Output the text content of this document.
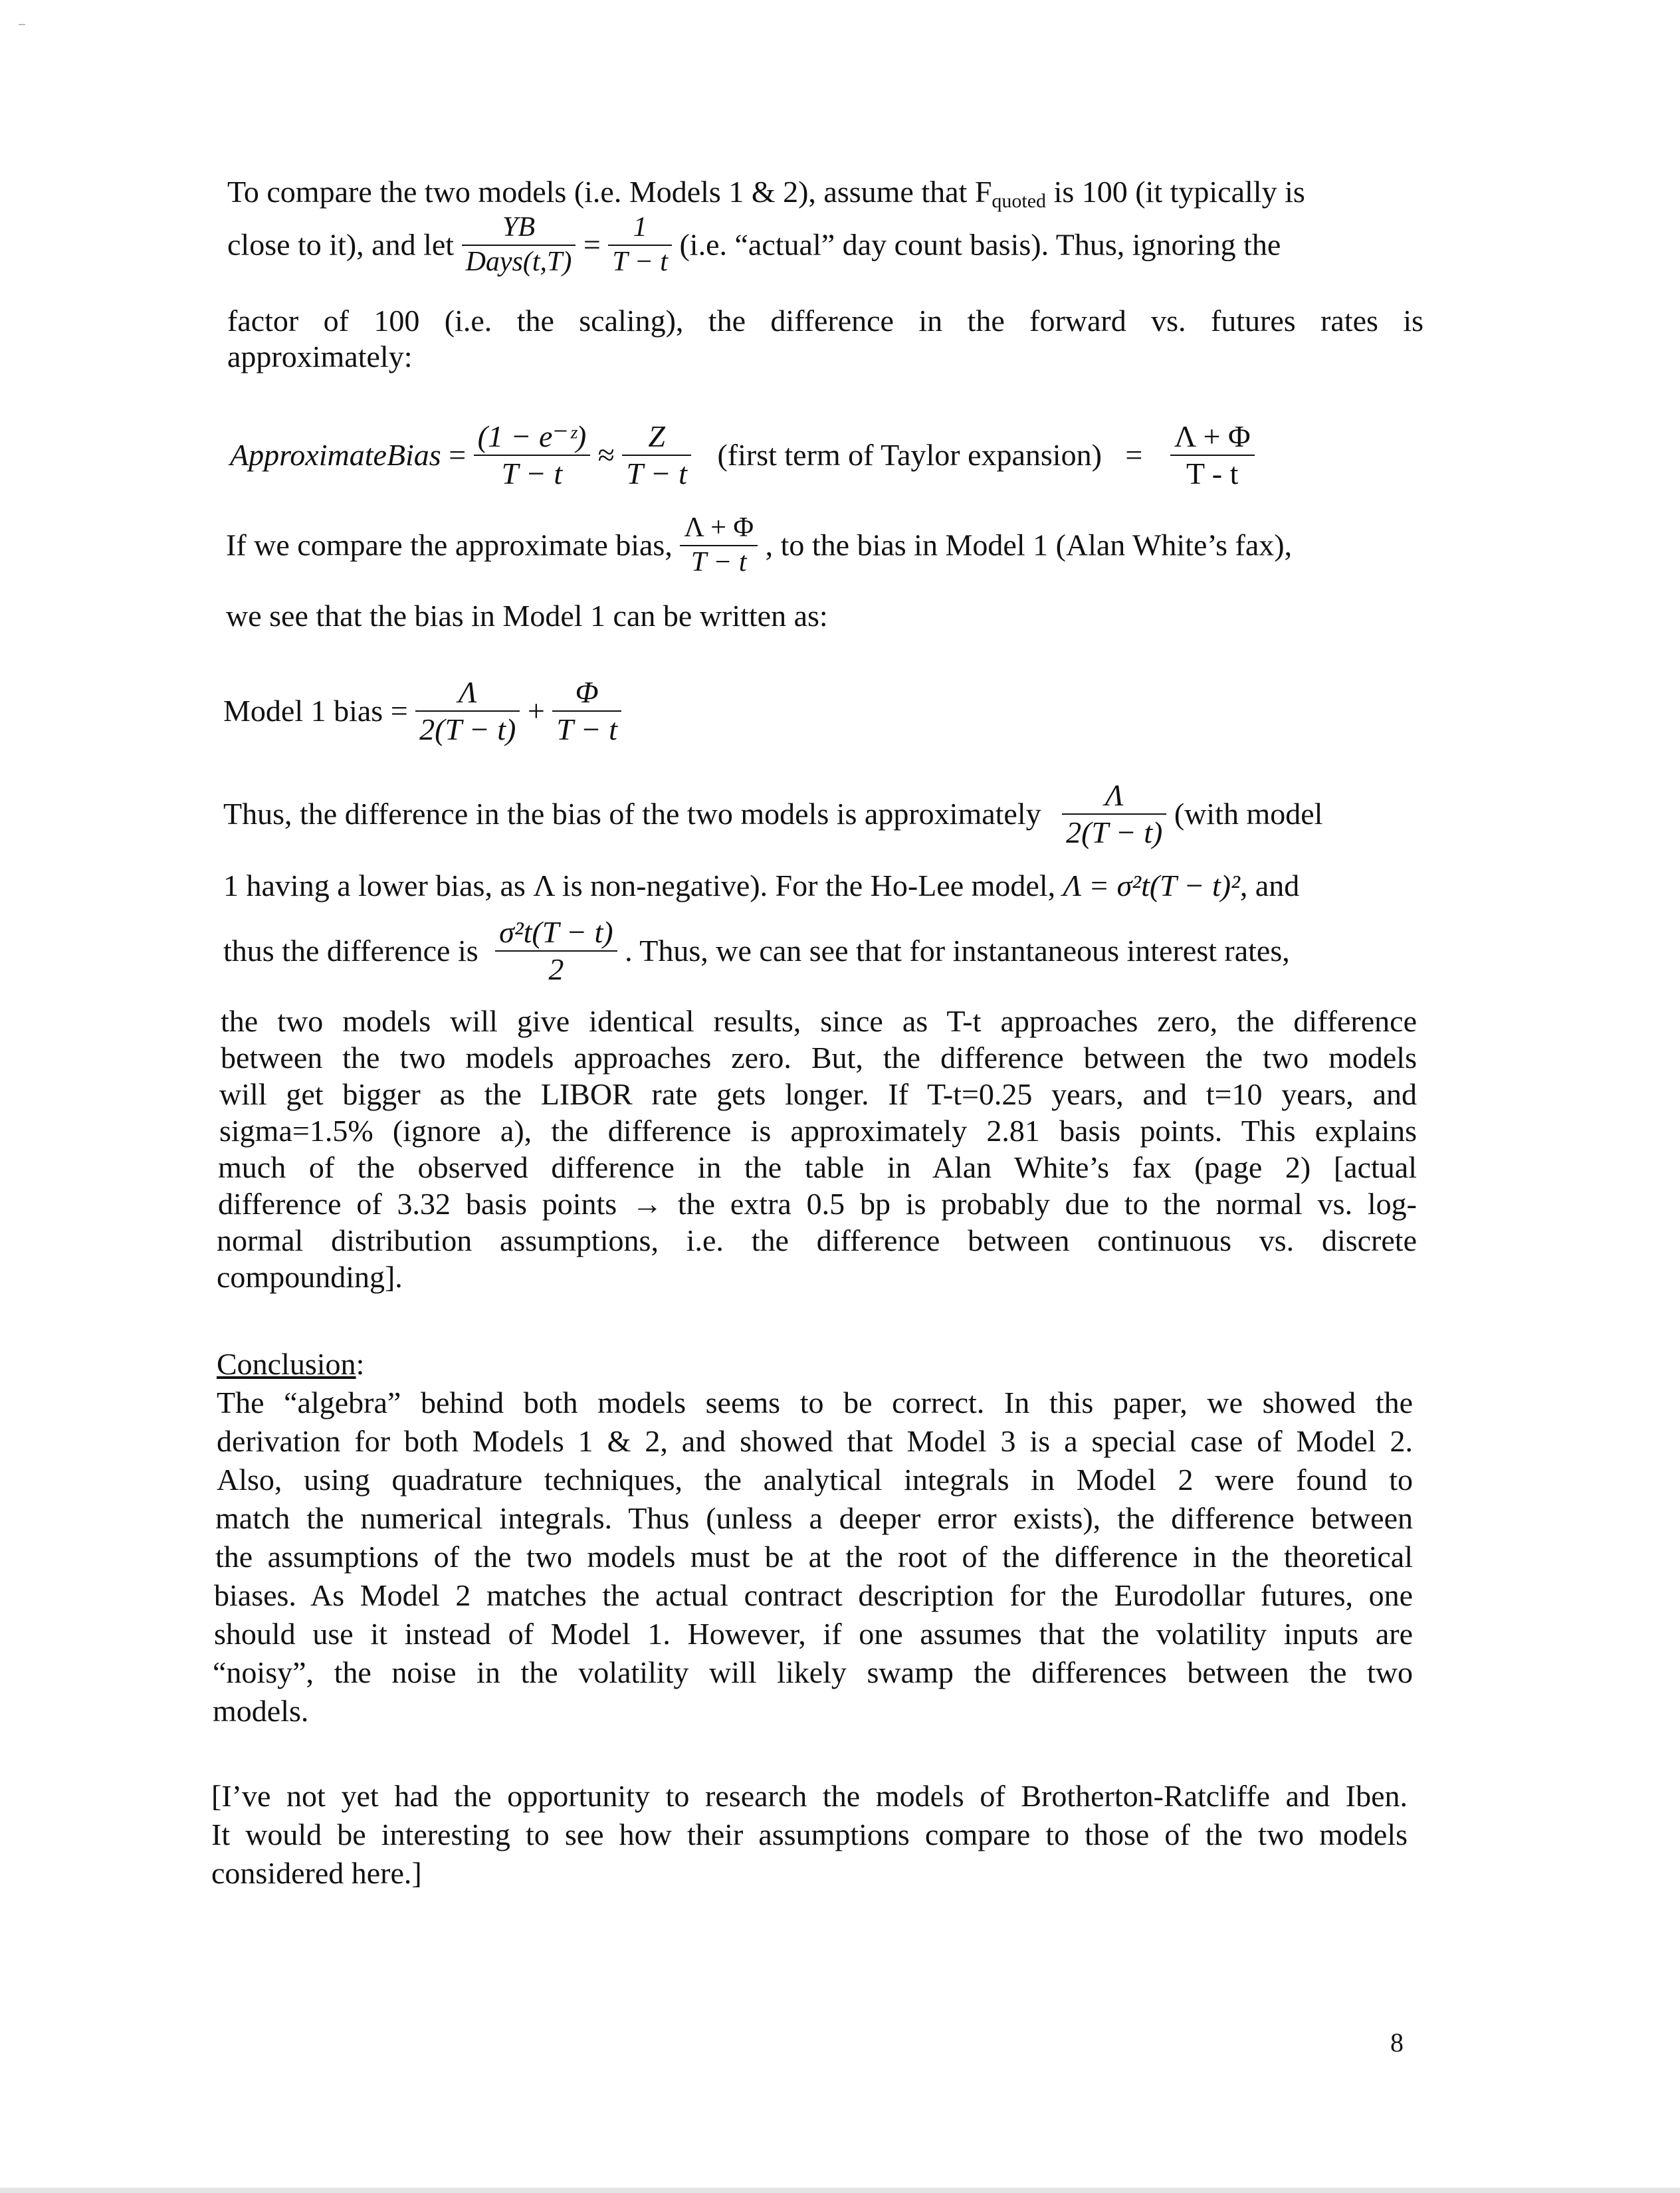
To compare the two models (i.e. Models 1 & 2), assume that Fquoted is 100 (it typically is
close to it), and let $\frac{YB}{\text{Days(t,T)}} = \frac{1}{T - t} (i.e$. “actual” day count basis). Thus, ignoring the
factor of 100 (i.e. the scaling), the difference in the forward vs. futures rates is
approximately:
ApproximateBias = $\frac{\text{(1 − e⁻ᶻ)}}{T - t} \approx \frac{Z}{T - t}$ (first term of Taylor expansion) = $\frac{\Lambda + \Phi}{T - t}$
If we compare the approximate bias, $\frac{\Lambda + \Phi}{T - t}$ , to the bias in Model 1 (Alan White’s fax),
we see that the bias in Model 1 can be written as:
Model 1 bias = $\frac{\Lambda}{2(T - t)} + \frac{\Phi}{T - t}$
Thus, the difference in the bias of the two models is approximately $\frac{\Lambda}{2(T - t)}$ (with model
1 having a lower bias, as Λ is non-negative). For the Ho-Lee model, Λ = σ²t(T − t)², and
thus the difference is $\frac{\text{σ²t(T − t)}}{2}$ . Thus, we can see that for instantaneous interest rates,
the two models will give identical results, since as T-t approaches zero, the difference
between the two models approaches zero. But, the difference between the two models
will get bigger as the LIBOR rate gets longer. If T-t=0.25 years, and t=10 years, and
sigma=1.5% (ignore a), the difference is approximately 2.81 basis points. This explains
much of the observed difference in the table in Alan White’s fax (page 2) [actual
difference of 3.32 basis points → the extra 0.5 bp is probably due to the normal vs. log-
normal distribution assumptions, i.e. the difference between continuous vs. discrete
compounding].
Conclusion:
The “algebra” behind both models seems to be correct. In this paper, we showed the
derivation for both Models 1 & 2, and showed that Model 3 is a special case of Model 2.
Also, using quadrature techniques, the analytical integrals in Model 2 were found to
match the numerical integrals. Thus (unless a deeper error exists), the difference between
the assumptions of the two models must be at the root of the difference in the theoretical
biases. As Model 2 matches the actual contract description for the Eurodollar futures, one
should use it instead of Model 1. However, if one assumes that the volatility inputs are
“noisy”, the noise in the volatility will likely swamp the differences between the two
models.
[I’ve not yet had the opportunity to research the models of Brotherton-Ratcliffe and Iben.
It would be interesting to see how their assumptions compare to those of the two models
considered here.]
8
